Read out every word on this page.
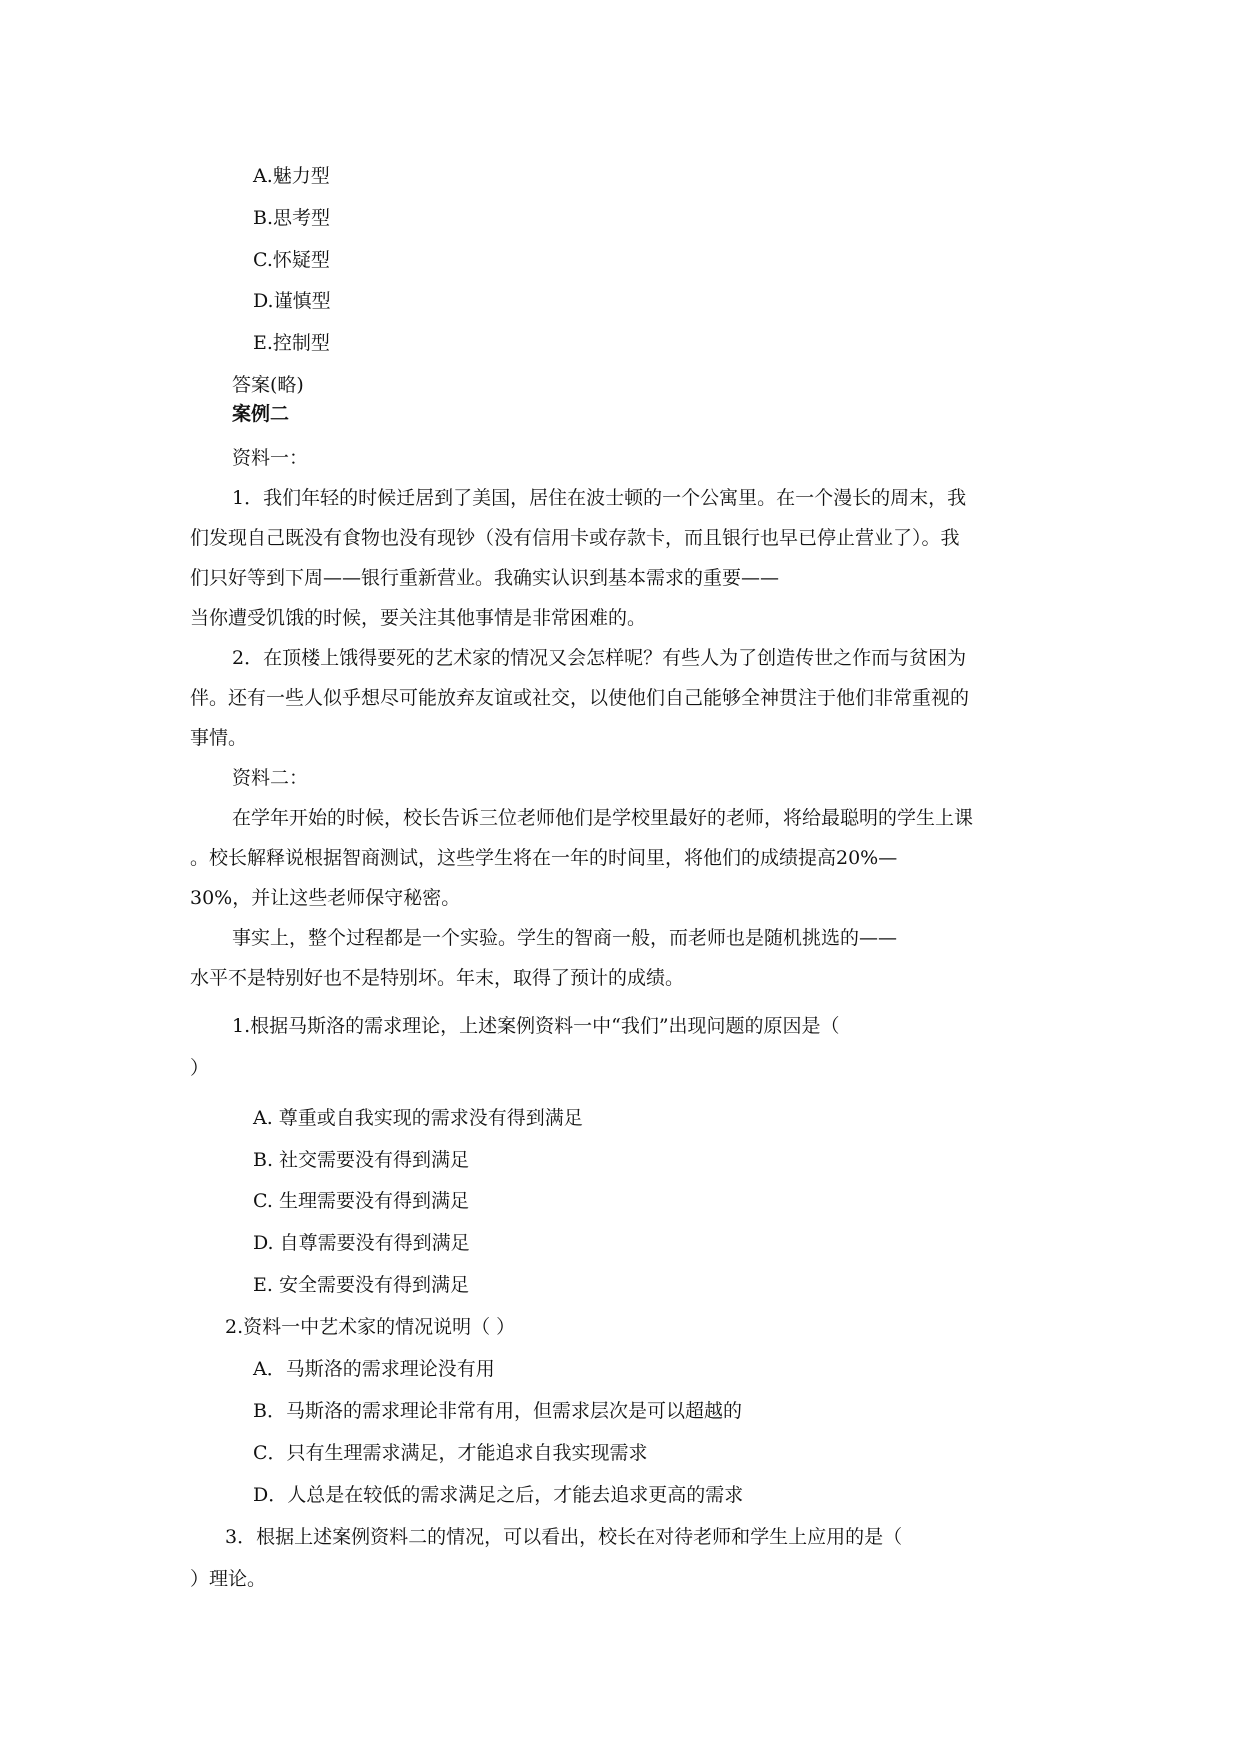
A.魅力型
B.思考型
C.怀疑型
D.谨慎型
E.控制型
答案(略)
案例二
资料一：
1．我们年轻的时候迁居到了美国，居住在波士顿的一个公寓里。在一个漫长的周末，我
们发现自己既没有食物也没有现钞（没有信用卡或存款卡，而且银行也早已停止营业了）。我
们只好等到下周——银行重新营业。我确实认识到基本需求的重要——
当你遭受饥饿的时候，要关注其他事情是非常困难的。
2．在顶楼上饿得要死的艺术家的情况又会怎样呢？有些人为了创造传世之作而与贫困为
伴。还有一些人似乎想尽可能放弃友谊或社交，以使他们自己能够全神贯注于他们非常重视的
事情。
资料二：
在学年开始的时候，校长告诉三位老师他们是学校里最好的老师，将给最聪明的学生上课
。校长解释说根据智商测试，这些学生将在一年的时间里，将他们的成绩提高20%—
30%，并让这些老师保守秘密。
事实上，整个过程都是一个实验。学生的智商一般，而老师也是随机挑选的——
水平不是特别好也不是特别坏。年末，取得了预计的成绩。
1.根据马斯洛的需求理论，上述案例资料一中“我们”出现问题的原因是（
）
A. 尊重或自我实现的需求没有得到满足
B. 社交需要没有得到满足
C. 生理需要没有得到满足
D. 自尊需要没有得到满足
E. 安全需要没有得到满足
2.资料一中艺术家的情况说明（ ）
A．马斯洛的需求理论没有用
B．马斯洛的需求理论非常有用，但需求层次是可以超越的
C．只有生理需求满足，才能追求自我实现需求
D．人总是在较低的需求满足之后，才能去追求更高的需求
3．根据上述案例资料二的情况，可以看出，校长在对待老师和学生上应用的是（
）理论。
